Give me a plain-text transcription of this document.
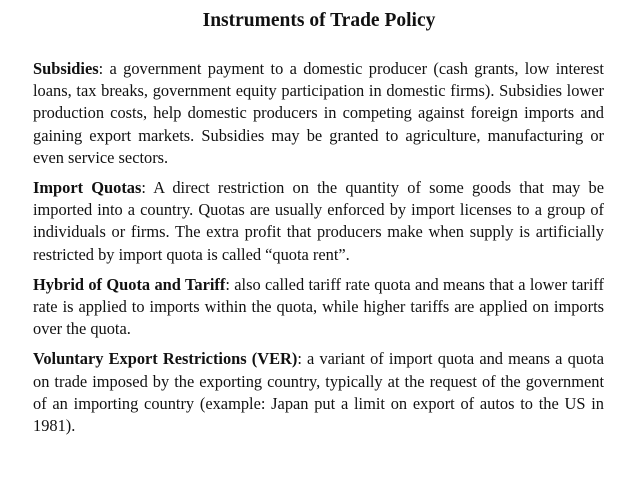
Instruments of Trade Policy

Subsidies: a government payment to a domestic producer (cash grants, low interest loans, tax breaks, government equity participation in domestic firms). Subsidies lower production costs, help domestic producers in competing against foreign imports and gaining export markets. Subsidies may be granted to agriculture, manufacturing or even service sectors.

Import Quotas: A direct restriction on the quantity of some goods that may be imported into a country. Quotas are usually enforced by import licenses to a group of individuals or firms. The extra profit that producers make when supply is artificially restricted by import quota is called “quota rent”.

Hybrid of Quota and Tariff: also called tariff rate quota and means that a lower tariff rate is applied to imports within the quota, while higher tariffs are applied on imports over the quota.

Voluntary Export Restrictions (VER): a variant of import quota and means a quota on trade imposed by the exporting country, typically at the request of the government of an importing country (example: Japan put a limit on export of autos to the US in 1981).
